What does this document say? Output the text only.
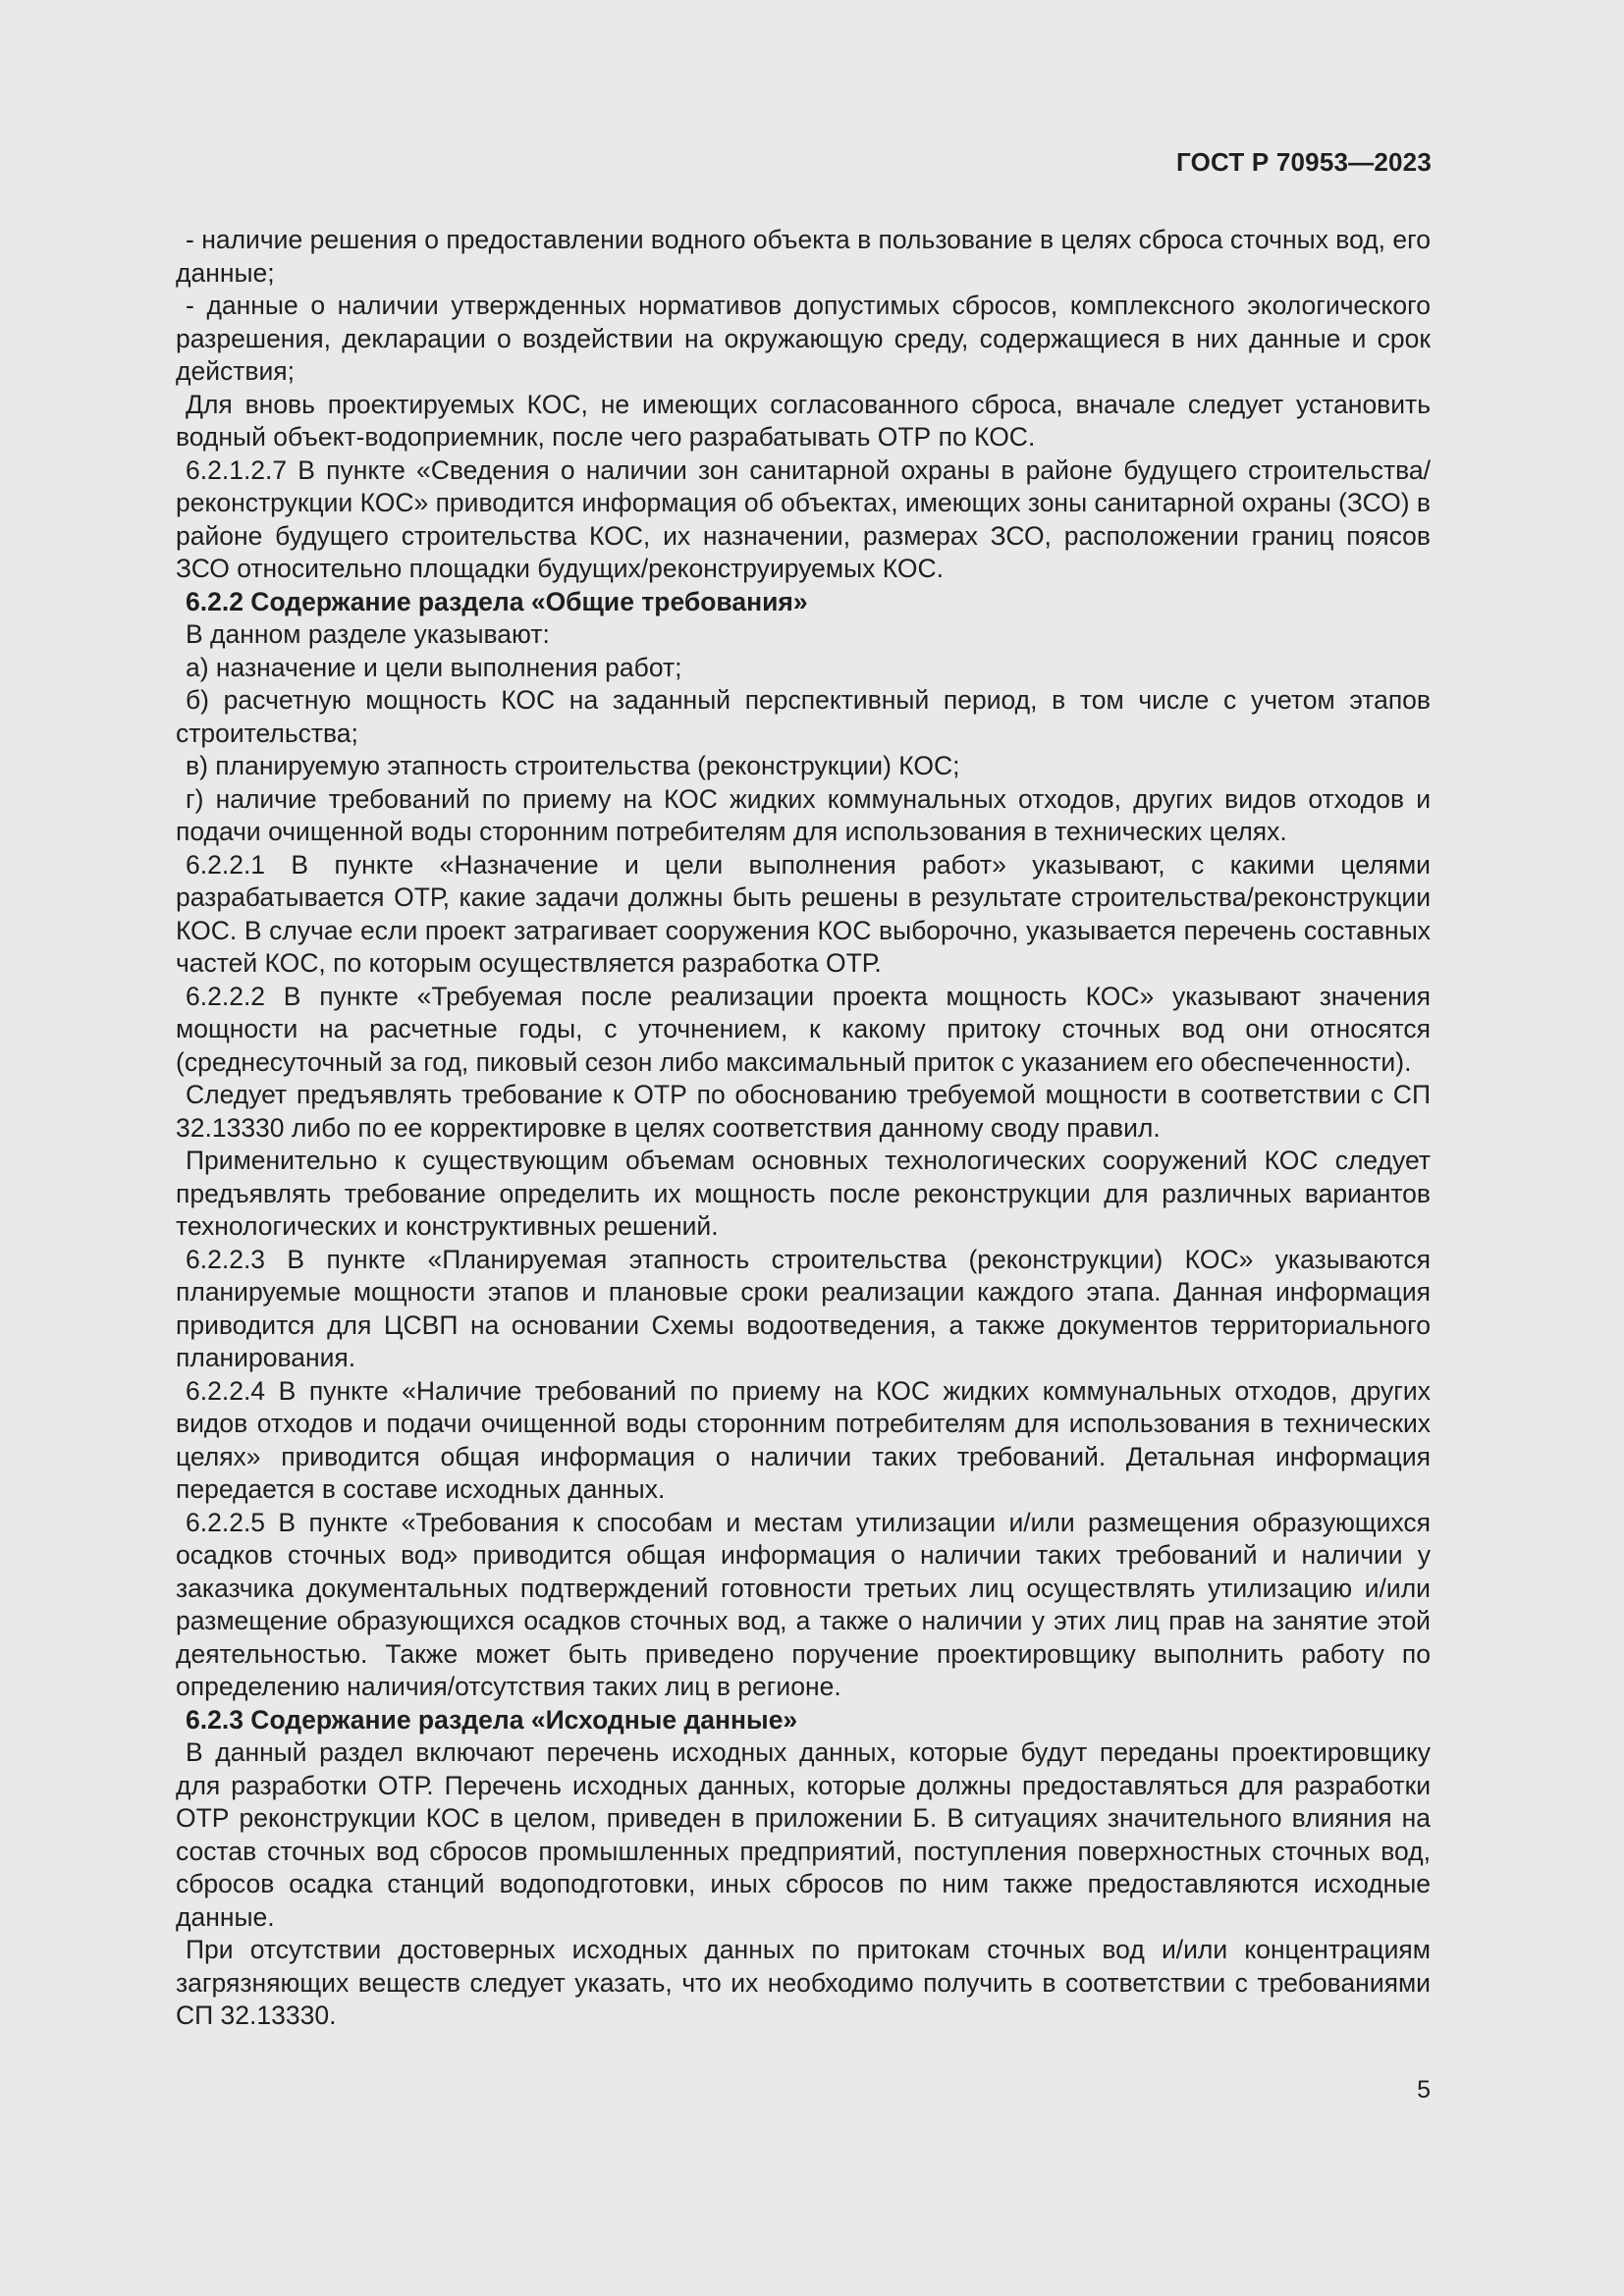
ГОСТ Р 70953—2023

- наличие решения о предоставлении водного объекта в пользование в целях сброса сточных вод, его данные;

- данные о наличии утвержденных нормативов допустимых сбросов, комплексного экологического разрешения, декларации о воздействии на окружающую среду, содержащиеся в них данные и срок действия;

Для вновь проектируемых КОС, не имеющих согласованного сброса, вначале следует установить водный объект-водоприемник, после чего разрабатывать ОТР по КОС.

6.2.1.2.7 В пункте «Сведения о наличии зон санитарной охраны в районе будущего строительства/реконструкции КОС» приводится информация об объектах, имеющих зоны санитарной охраны (ЗСО) в районе будущего строительства КОС, их назначении, размерах ЗСО, расположении границ поясов ЗСО относительно площадки будущих/реконструируемых КОС.

6.2.2 Содержание раздела «Общие требования»

В данном разделе указывают:

а) назначение и цели выполнения работ;

б) расчетную мощность КОС на заданный перспективный период, в том числе с учетом этапов строительства;

в) планируемую этапность строительства (реконструкции) КОС;

г) наличие требований по приему на КОС жидких коммунальных отходов, других видов отходов и подачи очищенной воды сторонним потребителям для использования в технических целях.

6.2.2.1 В пункте «Назначение и цели выполнения работ» указывают, с какими целями разрабатывается ОТР, какие задачи должны быть решены в результате строительства/реконструкции КОС. В случае если проект затрагивает сооружения КОС выборочно, указывается перечень составных частей КОС, по которым осуществляется разработка ОТР.

6.2.2.2 В пункте «Требуемая после реализации проекта мощность КОС» указывают значения мощности на расчетные годы, с уточнением, к какому притоку сточных вод они относятся (среднесуточный за год, пиковый сезон либо максимальный приток с указанием его обеспеченности).

Следует предъявлять требование к ОТР по обоснованию требуемой мощности в соответствии с СП 32.13330 либо по ее корректировке в целях соответствия данному своду правил.

Применительно к существующим объемам основных технологических сооружений КОС следует предъявлять требование определить их мощность после реконструкции для различных вариантов технологических и конструктивных решений.

6.2.2.3 В пункте «Планируемая этапность строительства (реконструкции) КОС» указываются планируемые мощности этапов и плановые сроки реализации каждого этапа. Данная информация приводится для ЦСВП на основании Схемы водоотведения, а также документов территориального планирования.

6.2.2.4 В пункте «Наличие требований по приему на КОС жидких коммунальных отходов, других видов отходов и подачи очищенной воды сторонним потребителям для использования в технических целях» приводится общая информация о наличии таких требований. Детальная информация передается в составе исходных данных.

6.2.2.5 В пункте «Требования к способам и местам утилизации и/или размещения образующихся осадков сточных вод» приводится общая информация о наличии таких требований и наличии у заказчика документальных подтверждений готовности третьих лиц осуществлять утилизацию и/или размещение образующихся осадков сточных вод, а также о наличии у этих лиц прав на занятие этой деятельностью. Также может быть приведено поручение проектировщику выполнить работу по определению наличия/отсутствия таких лиц в регионе.

6.2.3 Содержание раздела «Исходные данные»

В данный раздел включают перечень исходных данных, которые будут переданы проектировщику для разработки ОТР. Перечень исходных данных, которые должны предоставляться для разработки ОТР реконструкции КОС в целом, приведен в приложении Б. В ситуациях значительного влияния на состав сточных вод сбросов промышленных предприятий, поступления поверхностных сточных вод, сбросов осадка станций водоподготовки, иных сбросов по ним также предоставляются исходные данные.

При отсутствии достоверных исходных данных по притокам сточных вод и/или концентрациям загрязняющих веществ следует указать, что их необходимо получить в соответствии с требованиями СП 32.13330.

5
